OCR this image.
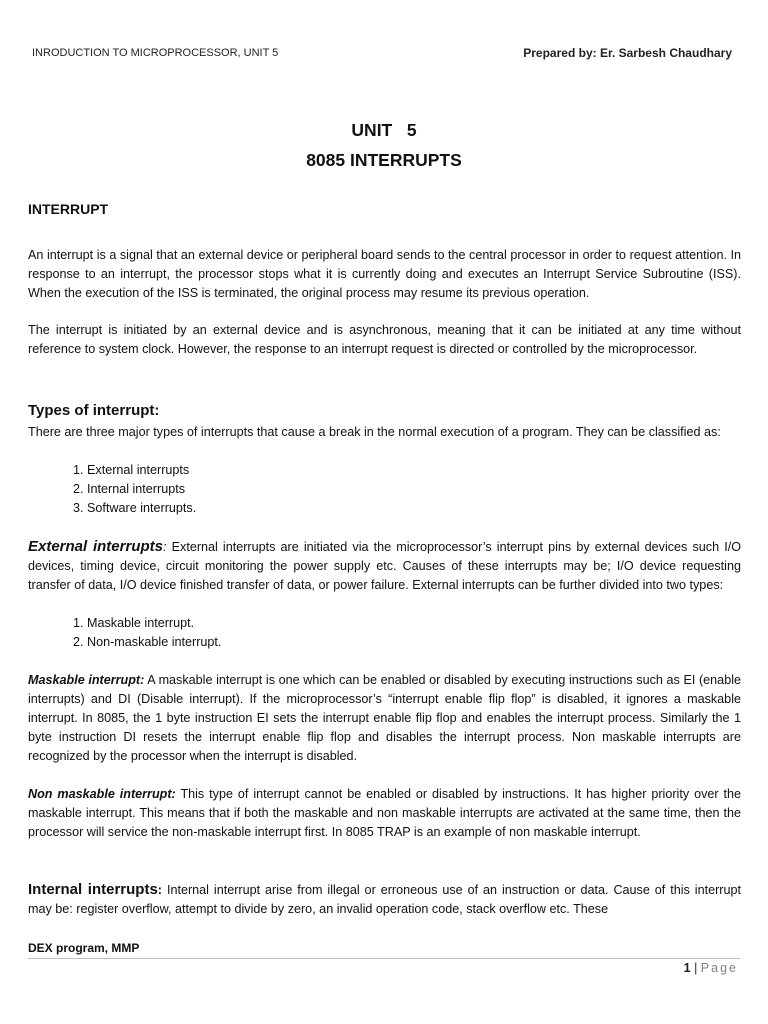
INRODUCTION TO MICROPROCESSOR, UNIT 5	Prepared by: Er. Sarbesh Chaudhary
UNIT   5
8085 INTERRUPTS
INTERRUPT
An interrupt is a signal that an external device or peripheral board sends to the central processor in order to request attention. In response to an interrupt, the processor stops what it is currently doing and executes an Interrupt Service Subroutine (ISS). When the execution of the ISS is terminated, the original process may resume its previous operation.
The interrupt is initiated by an external device and is asynchronous, meaning that it can be initiated at any time without reference to system clock. However, the response to an interrupt request is directed or controlled by the microprocessor.
Types of interrupt:
There are three major types of interrupts that cause a break in the normal execution of a program. They can be classified as:
1. External interrupts
2. Internal interrupts
3. Software interrupts.
External interrupts: External interrupts are initiated via the microprocessor’s interrupt pins by external devices such I/O devices, timing device, circuit monitoring the power supply etc. Causes of these interrupts may be; I/O device requesting transfer of data, I/O device finished transfer of data, or power failure. External interrupts can be further divided into two types:
1. Maskable interrupt.
2. Non-maskable interrupt.
Maskable interrupt: A maskable interrupt is one which can be enabled or disabled by executing instructions such as EI (enable interrupts) and DI (Disable interrupt). If the microprocessor’s “interrupt enable flip flop” is disabled, it ignores a maskable interrupt. In 8085, the 1 byte instruction EI sets the interrupt enable flip flop and enables the interrupt process. Similarly the 1 byte instruction DI resets the interrupt enable flip flop and disables the interrupt process. Non maskable interrupts are recognized by the processor when the interrupt is disabled.
Non maskable interrupt: This type of interrupt cannot be enabled or disabled by instructions. It has higher priority over the maskable interrupt. This means that if both the maskable and non maskable interrupts are activated at the same time, then the processor will service the non-maskable interrupt first. In 8085 TRAP is an example of non maskable interrupt.
Internal interrupts: Internal interrupt arise from illegal or erroneous use of an instruction or data. Cause of this interrupt may be: register overflow, attempt to divide by zero, an invalid operation code, stack overflow etc. These
DEX program, MMP
1 | Page
